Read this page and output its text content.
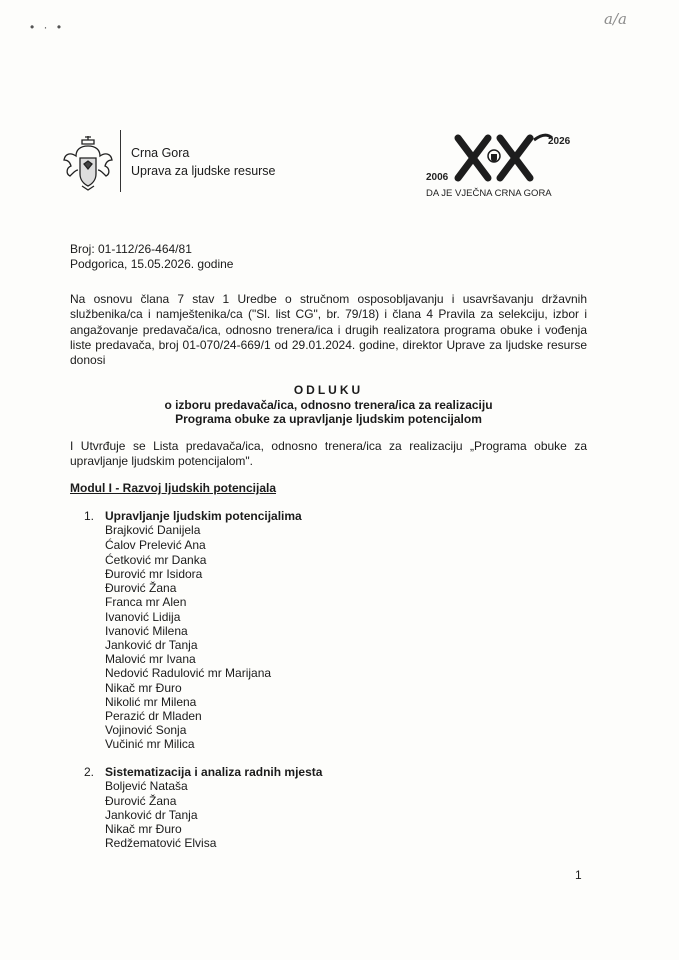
a/a
• · •
Crna Gora
Uprava za ljudske resurse	2006
2026
DA JE VJEČNA CRNA GORA
Broj: 01-112/26-464/81
Podgorica, 15.05.2026. godine
Na osnovu člana 7 stav 1 Uredbe o stručnom osposobljavanju i usavršavanju državnih službenika/ca i namještenika/ca ("Sl. list CG", br. 79/18) i člana 4 Pravila za selekciju, izbor i angažovanje predavača/ica, odnosno trenera/ica i drugih realizatora programa obuke i vođenja liste predavača, broj 01-070/24-669/1 od 29.01.2024. godine, direktor Uprave za ljudske resurse donosi
ODLUKU
o izboru predavača/ica, odnosno trenera/ica za realizaciju
Programa obuke za upravljanje ljudskim potencijalom
I Utvrđuje se Lista predavača/ica, odnosno trenera/ica za realizaciju „Programa obuke za upravljanje ljudskim potencijalom".
Modul I - Razvoj ljudskih potencijala
1. Upravljanje ljudskim potencijalima
Brajković Danijela
Ćalov Prelević Ana
Ćetković mr Danka
Đurović mr Isidora
Đurović Žana
Franca mr Alen
Ivanović Lidija
Ivanović Milena
Janković dr Tanja
Malović mr Ivana
Nedović Radulović mr Marijana
Nikač mr Đuro
Nikolić mr Milena
Perazić dr Mladen
Vojinović Sonja
Vučinić mr Milica
2. Sistematizacija i analiza radnih mjesta
Boljević Nataša
Đurović Žana
Janković dr Tanja
Nikač mr Đuro
Redžematović Elvisa
1
